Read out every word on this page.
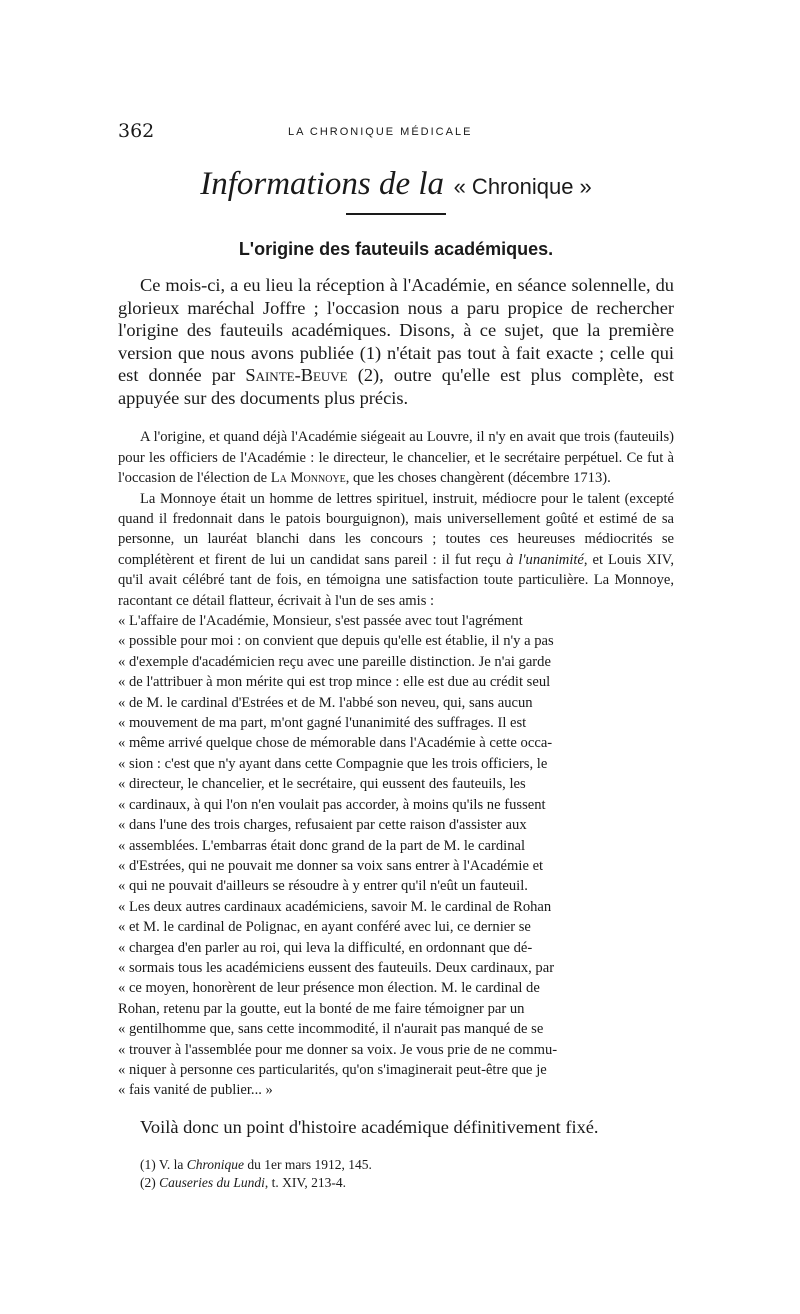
362	LA CHRONIQUE MÉDICALE
Informations de la « Chronique »
L'origine des fauteuils académiques.

Ce mois-ci, a eu lieu la réception à l'Académie, en séance solennelle, du glorieux maréchal Joffre ; l'occasion nous a paru propice de rechercher l'origine des fauteuils académiques. Disons, à ce sujet, que la première version que nous avons publiée (1) n'était pas tout à fait exacte ; celle qui est donnée par Sainte-Beuve (2), outre qu'elle est plus complète, est appuyée sur des documents plus précis.

A l'origine, et quand déjà l'Académie siégeait au Louvre, il n'y en avait que trois (fauteuils) pour les officiers de l'Académie : le directeur, le chancelier, et le secrétaire perpétuel. Ce fut à l'occasion de l'élection de La Monnoye, que les choses changèrent (décembre 1713).

La Monnoye était un homme de lettres spirituel, instruit, médiocre pour le talent (excepté quand il fredonnait dans le patois bourguignon), mais universellement goûté et estimé de sa personne, un lauréat blanchi dans les concours ; toutes ces heureuses médiocrités se complétèrent et firent de lui un candidat sans pareil : il fut reçu à l'unanimité, et Louis XIV, qu'il avait célébré tant de fois, en témoigna une satisfaction toute particulière. La Monnoye, racontant ce détail flatteur, écrivait à l'un de ses amis :

« L'affaire de l'Académie, Monsieur, s'est passée avec tout l'agrément
« possible pour moi : on convient que depuis qu'elle est établie, il n'y a pas
« d'exemple d'académicien reçu avec une pareille distinction. Je n'ai garde
« de l'attribuer à mon mérite qui est trop mince : elle est due au crédit seul
« de M. le cardinal d'Estrées et de M. l'abbé son neveu, qui, sans aucun
« mouvement de ma part, m'ont gagné l'unanimité des suffrages. Il est
« même arrivé quelque chose de mémorable dans l'Académie à cette occa-
« sion : c'est que n'y ayant dans cette Compagnie que les trois officiers, le
« directeur, le chancelier, et le secrétaire, qui eussent des fauteuils, les
« cardinaux, à qui l'on n'en voulait pas accorder, à moins qu'ils ne fussent
« dans l'une des trois charges, refusaient par cette raison d'assister aux
« assemblées. L'embarras était donc grand de la part de M. le cardinal
« d'Estrées, qui ne pouvait me donner sa voix sans entrer à l'Académie et
« qui ne pouvait d'ailleurs se résoudre à y entrer qu'il n'eût un fauteuil.
« Les deux autres cardinaux académiciens, savoir M. le cardinal de Rohan
« et M. le cardinal de Polignac, en ayant conféré avec lui, ce dernier se
« chargea d'en parler au roi, qui leva la difficulté, en ordonnant que dé-
« sormais tous les académiciens eussent des fauteuils. Deux cardinaux, par
« ce moyen, honorèrent de leur présence mon élection. M. le cardinal de
Rohan, retenu par la goutte, eut la bonté de me faire témoigner par un
« gentilhomme que, sans cette incommodité, il n'aurait pas manqué de se
« trouver à l'assemblée pour me donner sa voix. Je vous prie de ne commu-
« niquer à personne ces particularités, qu'on s'imaginerait peut-être que je
« fais vanité de publier... »

Voilà donc un point d'histoire académique définitivement fixé.

(1) V. la Chronique du 1er mars 1912, 145.
(2) Causeries du Lundi, t. XIV, 213-4.
